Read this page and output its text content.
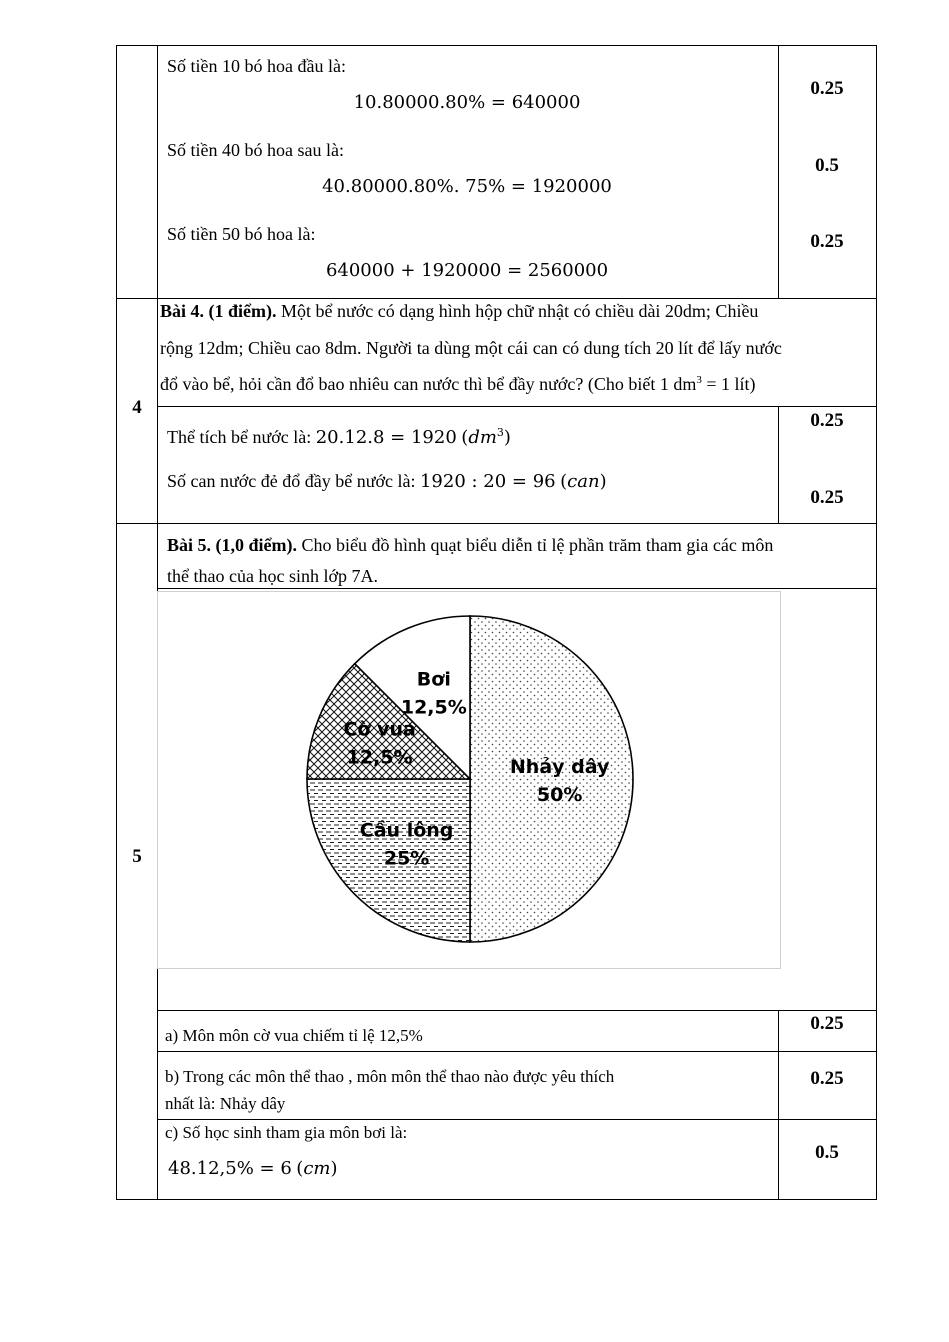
Số tiền 10 bó hoa đầu là:
10.80000.80% = 640000
Số tiền 40 bó hoa sau là:
40.80000.80%. 75% = 1920000
Số tiền 50 bó hoa là:
640000 + 1920000 = 2560000
0.25
0.5
0.25
4
Bài 4. (1 điểm). Một bể nước có dạng hình hộp chữ nhật có chiều dài 20dm; Chiều
rộng 12dm; Chiều cao 8dm. Người ta dùng một cái can có dung tích 20 lít để lấy nước
đổ vào bể, hỏi cần đổ bao nhiêu can nước thì bể đầy nước? (Cho biết 1 $dm^3 = 1$ lít)
Thể tích bể nước là: 20.12.8 = 1920 $(dm^3)$
Số can nước đẻ đổ đầy bể nước là: 1920 : 20 = 96 (can)
0.25
0.25
5
Bài 5. (1,0 điểm). Cho biểu đồ hình quạt biểu diễn tỉ lệ phần trăm tham gia các môn
thể thao của học sinh lớp 7A.
Nhảy dây
50%
Cầu lông
25%
Cờ vua
12,5%
Bơi
12,5%
a) Môn môn cờ vua chiếm tỉ lệ 12,5%
0.25
b) Trong các môn thể thao , môn môn thể thao nào được yêu thích
nhất là: Nhảy dây
0.25
c) Số học sinh tham gia môn bơi là:
48.12,5% = 6 (cm)
0.5
